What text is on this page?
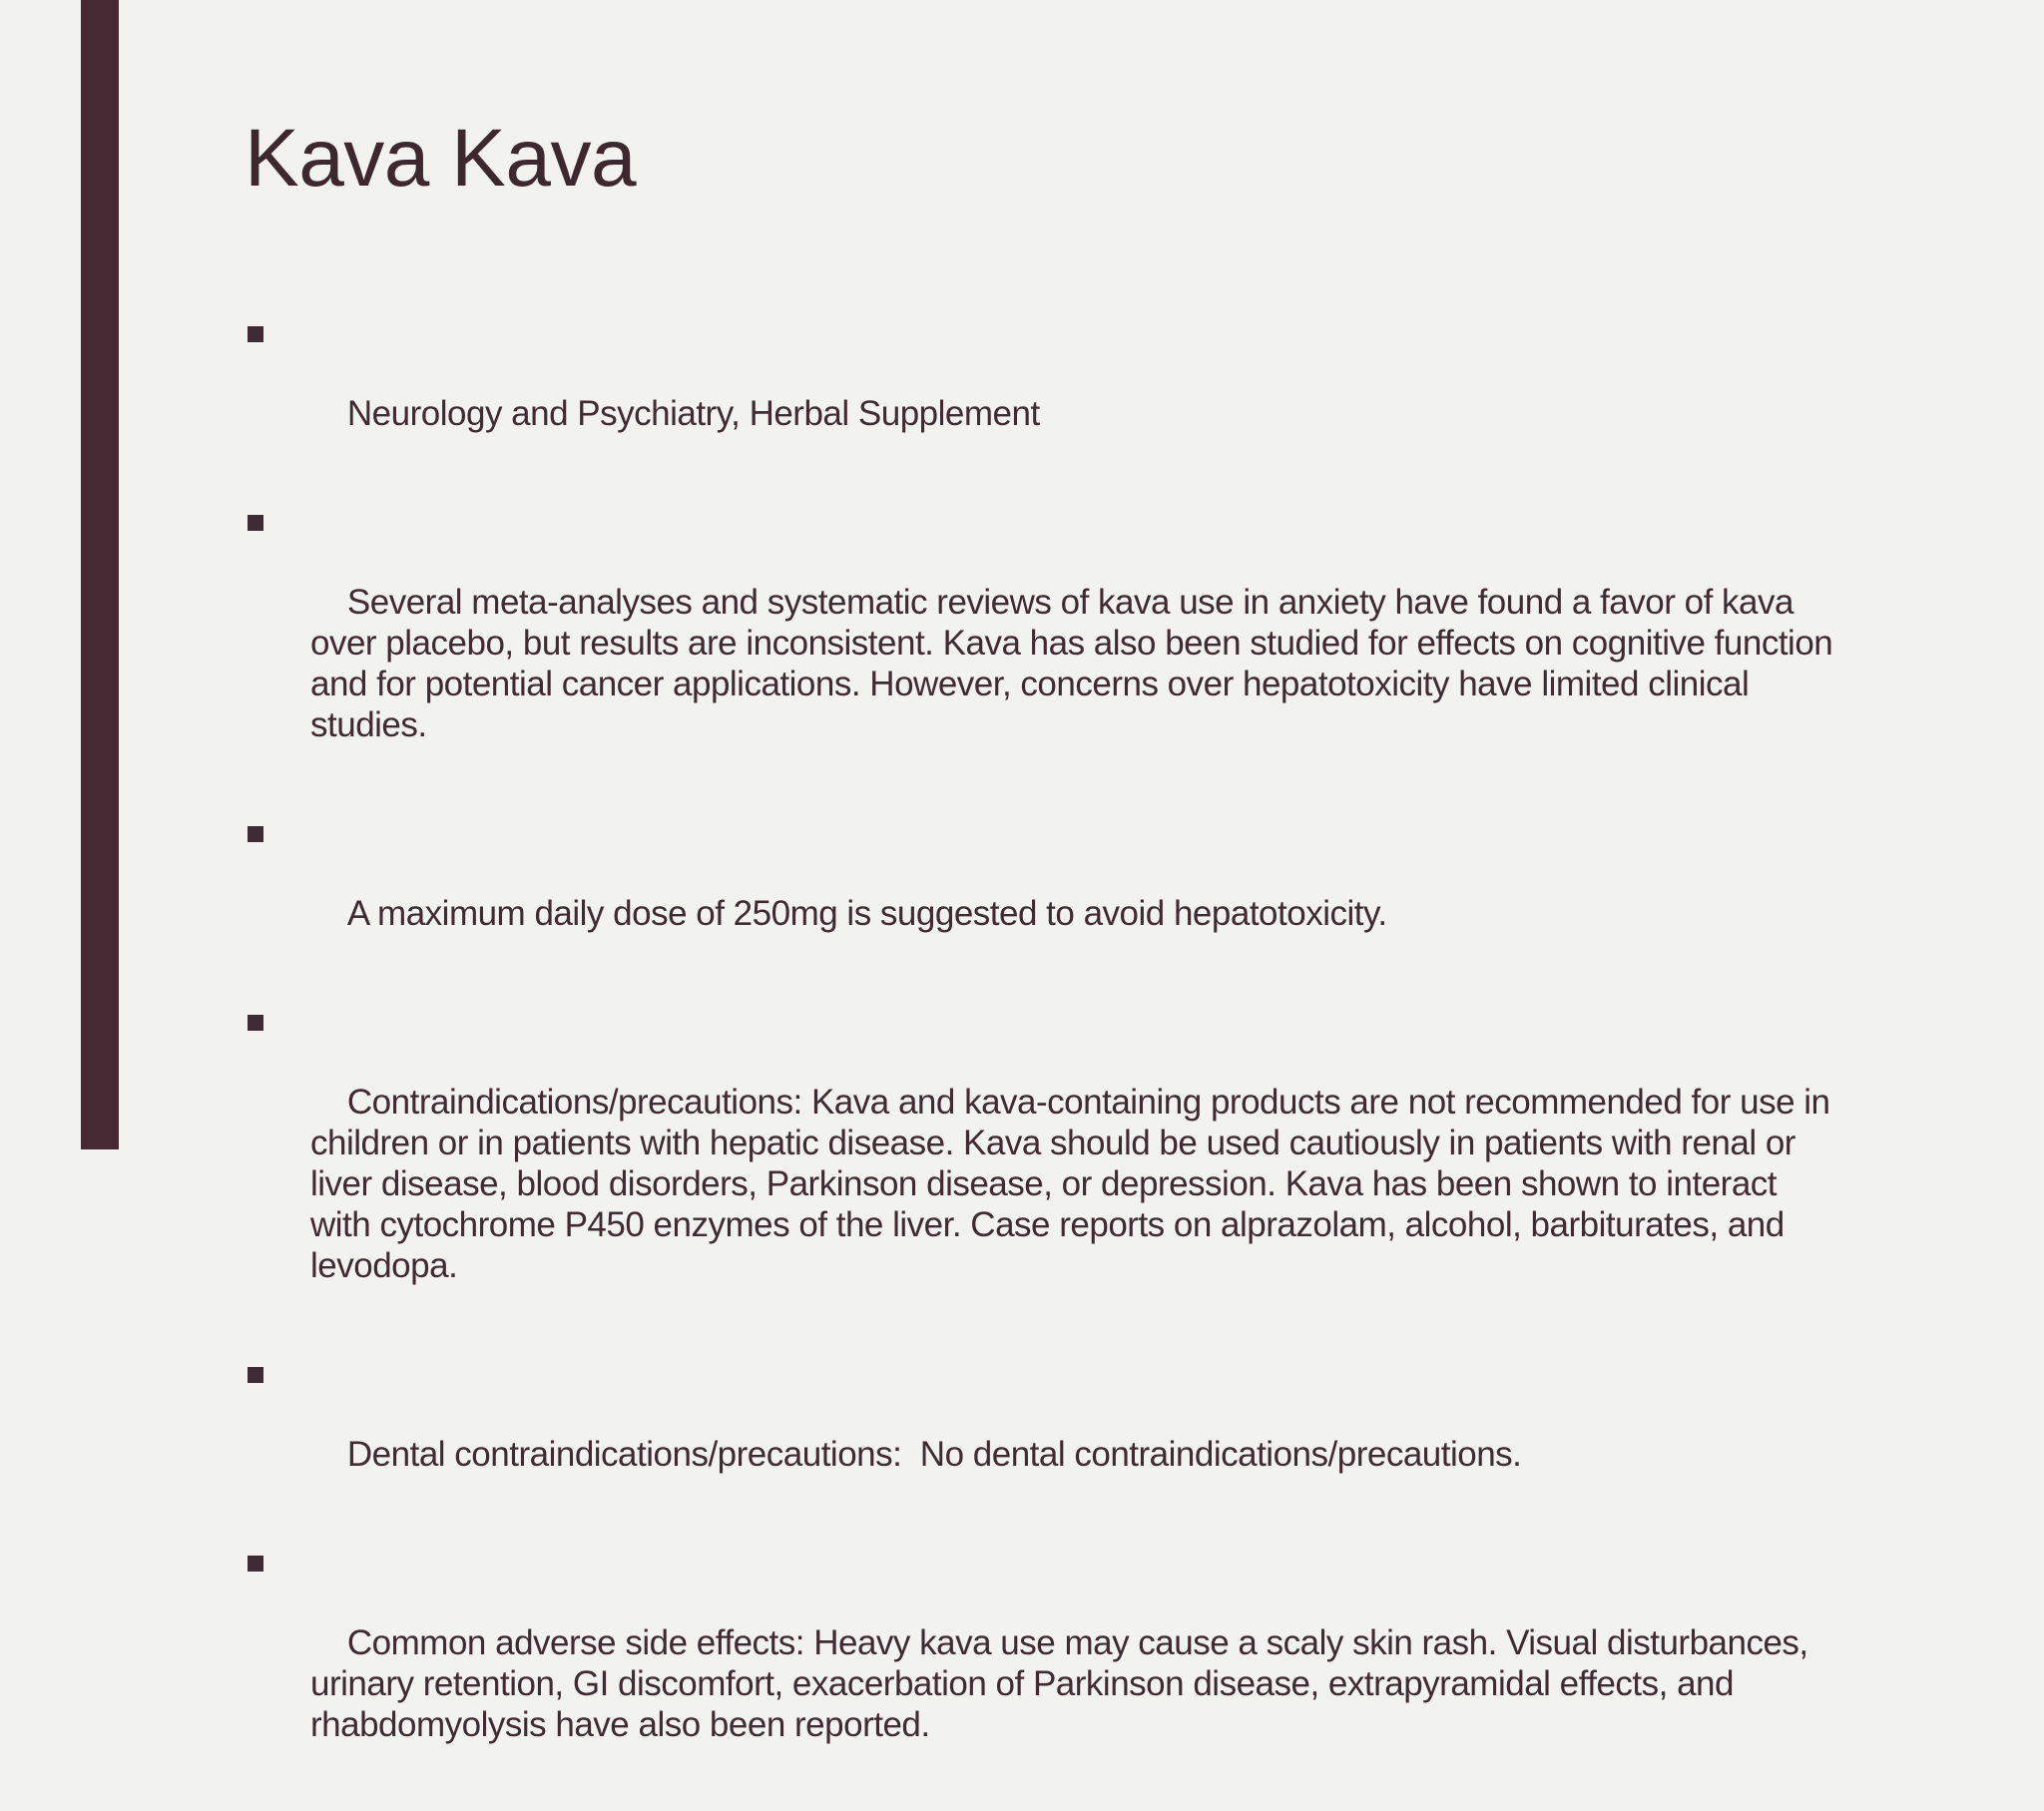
Kava Kava

Neurology and Psychiatry, Herbal Supplement

Several meta-analyses and systematic reviews of kava use in anxiety have found a favor of kava over placebo, but results are inconsistent. Kava has also been studied for effects on cognitive function and for potential cancer applications. However, concerns over hepatotoxicity have limited clinical studies.

A maximum daily dose of 250mg is suggested to avoid hepatotoxicity.

Contraindications/precautions: Kava and kava-containing products are not recommended for use in children or in patients with hepatic disease. Kava should be used cautiously in patients with renal or liver disease, blood disorders, Parkinson disease, or depression. Kava has been shown to interact with cytochrome P450 enzymes of the liver. Case reports on alprazolam, alcohol, barbiturates, and levodopa.

Dental contraindications/precautions:  No dental contraindications/precautions.

Common adverse side effects: Heavy kava use may cause a scaly skin rash. Visual disturbances, urinary retention, GI discomfort, exacerbation of Parkinson disease, extrapyramidal effects, and rhabdomyolysis have also been reported.
